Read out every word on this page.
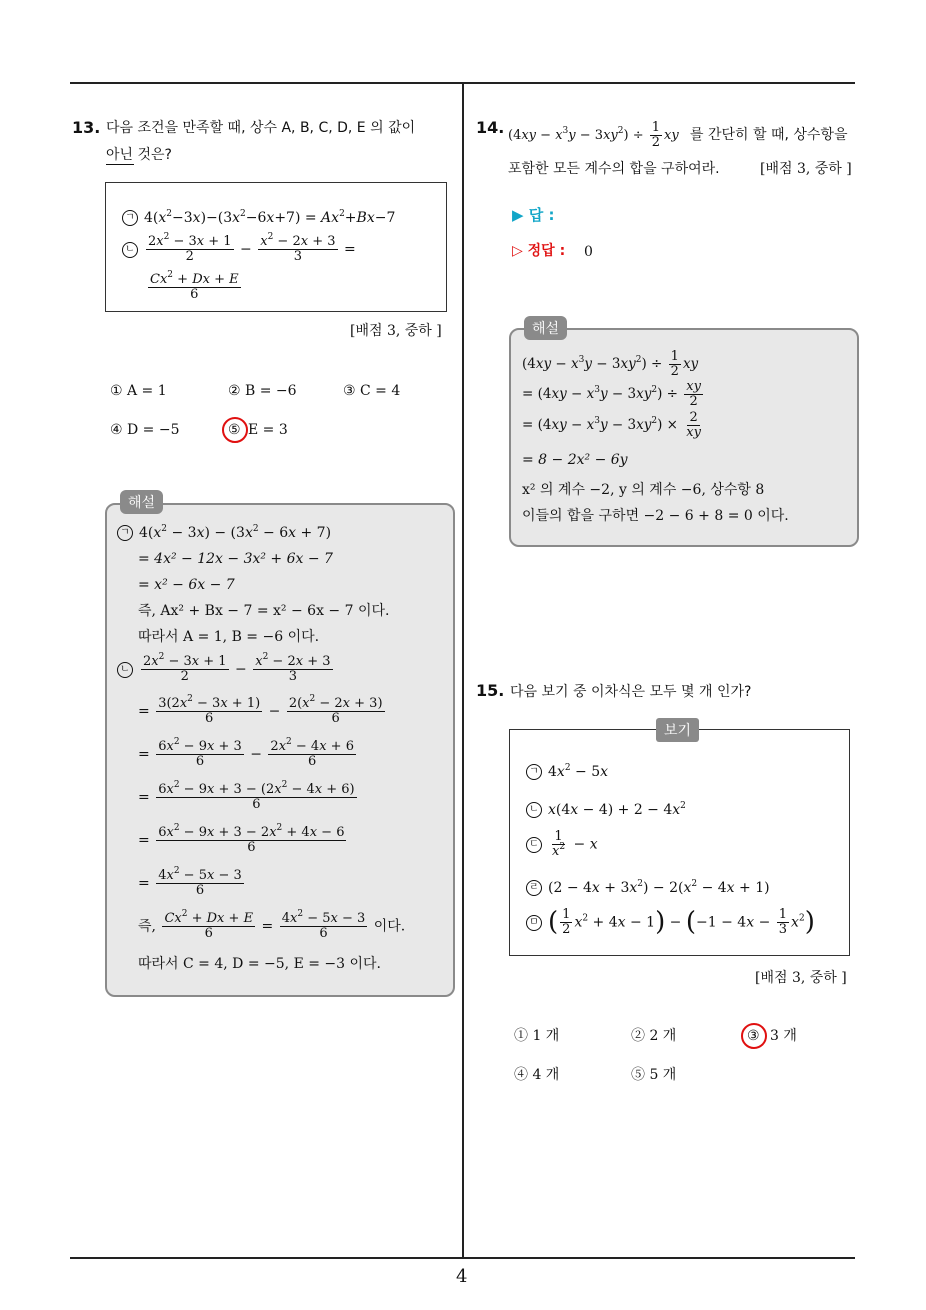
4
13. 다음 조건을 만족할 때, 상수 A, B, C, D, E 의 값이
아닌 것은?
ㄱ $4(x^2-3x)-(3x^2-6x+7) = Ax^2+Bx-7$
ㄴ $\frac{2x^2 - 3x + 1}{2} - \frac{x^2 - 2x + 3}{3}$ =
$\frac{Cx^2 + Dx + E}{6}$
[배점 3, 중하 ]
① A = 1	② B = −6	③ C = 4
④ D = −5	⑤ E = 3
해설
ㄱ $4(x^2 - 3x) - (3x^2 - 6x + 7)$
= 4x² − 12x − 3x² + 6x − 7
= x² − 6x − 7
즉, Ax² + Bx − 7 = x² − 6x − 7 이다.
따라서 A = 1, B = −6 이다.
ㄴ $\frac{2x^2 - 3x + 1}{2} - \frac{x^2 - 2x + 3}{3}$
= $\frac{3(2x^2 - 3x + 1)}{6} - \frac{2(x^2 - 2x + 3)}{6}$
= $\frac{6x^2 - 9x + 3}{6} - \frac{2x^2 - 4x + 6}{6}$
= $\frac{6x^2 - 9x + 3 - (2x^2 - 4x + 6)}{6}$
= $\frac{6x^2 - 9x + 3 - 2x^2 + 4x - 6}{6}$
= $\frac{4x^2 - 5x - 3}{6}$
즉, $\frac{Cx^2 + Dx + E}{6} = \frac{4x^2 - 5x - 3}{6}$ 이다.
따라서 C = 4, D = −5, E = −3 이다.
14. $(4xy - x^3y - 3xy^2) \div \frac{1}{2}$ xy 를 간단히 할 때, 상수항을
포함한 모든 계수의 합을 구하여라.	[배점 3, 중하 ]
▶ 답 :
▷ 정답 : 0
해설
$(4xy - x^3y - 3xy^2) \div \frac{1}{2}$ xy
= $(4xy - x^3y - 3xy^2) \div \frac{xy}{2}$
= $(4xy - x^3y - 3xy^2) \times \frac{2}{xy}$
= 8 − 2x² − 6y
x² 의 계수 −2, y 의 계수 −6, 상수항 8
이들의 합을 구하면 −2 − 6 + 8 = 0 이다.
15. 다음 보기 중 이차식은 모두 몇 개 인가?
보기
ㄱ $4x^2 - 5x$
ㄴ $x(4x - 4) + 2 - 4x^2$
ㄷ $\frac{1}{x^2} - x$
ㄹ $(2 - 4x + 3x^2) - 2(x^2 - 4x + 1)$
ㅁ ( $\frac{1}{2} x^2 + 4x - 1) - (-1 - 4x - \frac{1}{3} x^2)$
[배점 3, 중하 ]
① 1 개	② 2 개	③ 3 개
④ 4 개	⑤ 5 개
